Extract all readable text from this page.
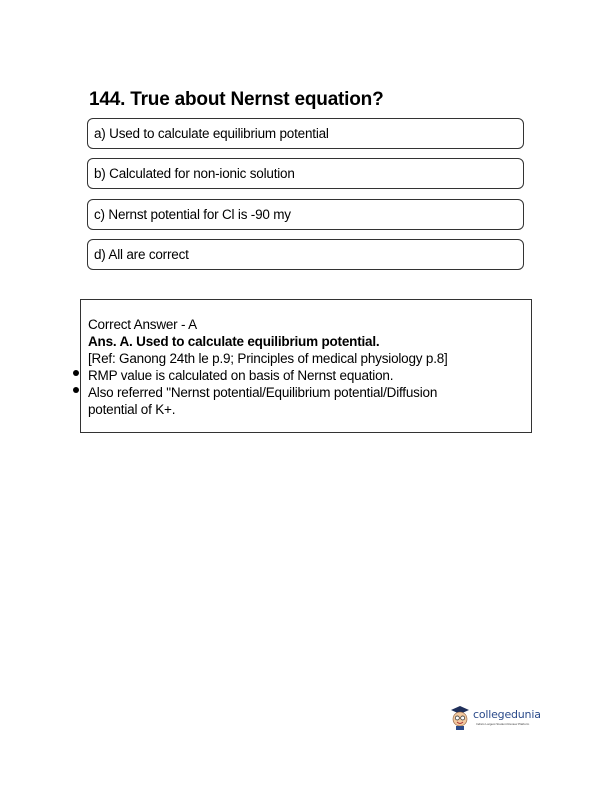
144. True about Nernst equation?
a) Used to calculate equilibrium potential
b) Calculated for non-ionic solution
c) Nernst potential for Cl is -90 my
d) All are correct
Correct Answer - A
Ans. A. Used to calculate equilibrium potential.
[Ref: Ganong 24th le p.9; Principles of medical physiology p.8]
RMP value is calculated on basis of Nernst equation.
Also referred "Nernst potential/Equilibrium potential/Diffusion
potential of K+.
collegedunia
India's Largest Student Review Platform
